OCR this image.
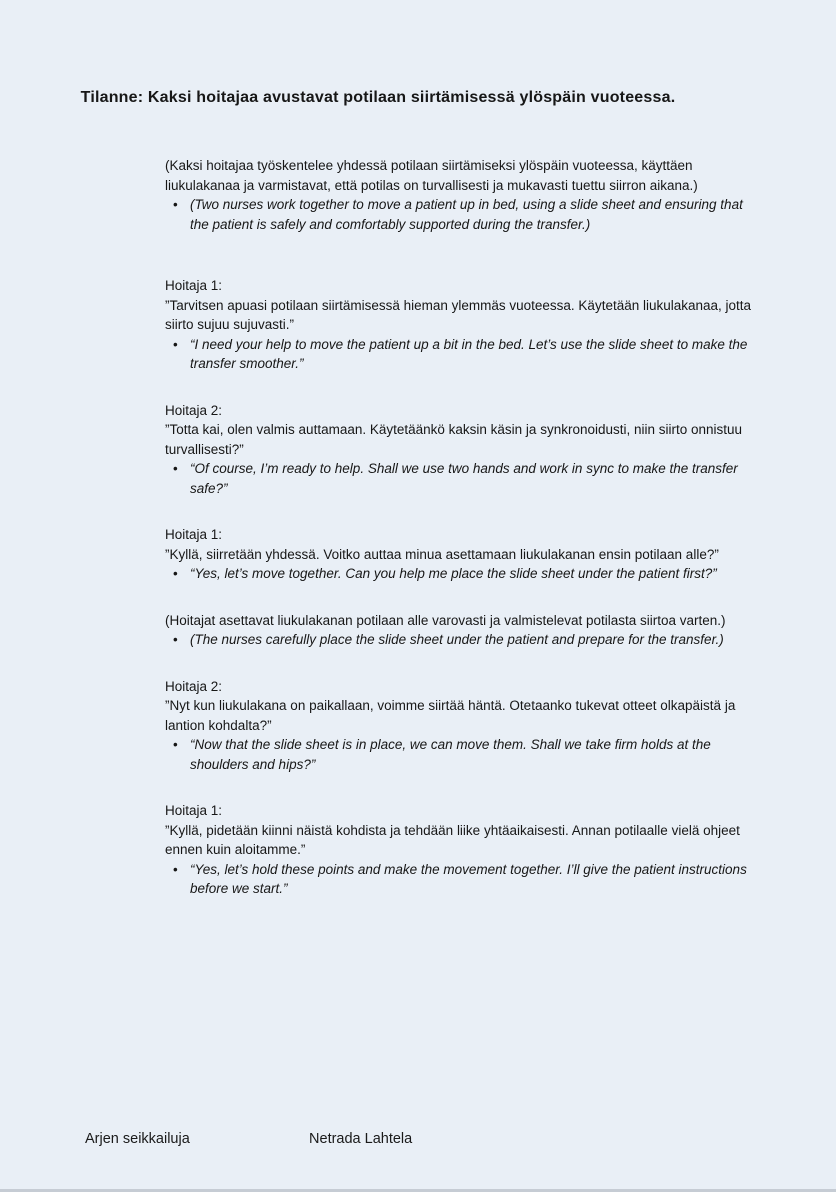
Tilanne: Kaksi hoitajaa avustavat potilaan siirtämisessä ylöspäin vuoteessa.

(Kaksi hoitajaa työskentelee yhdessä potilaan siirtämiseksi ylöspäin vuoteessa, käyttäen liukulakanaa ja varmistavat, että potilas on turvallisesti ja mukavasti tuettu siirron aikana.)

• (Two nurses work together to move a patient up in bed, using a slide sheet and ensuring that the patient is safely and comfortably supported during the transfer.)

Hoitaja 1:

”Tarvitsen apuasi potilaan siirtämisessä hieman ylemmäs vuoteessa. Käytetään liukulakanaa, jotta siirto sujuu sujuvasti.”

• “I need your help to move the patient up a bit in the bed. Let’s use the slide sheet to make the transfer smoother.”

Hoitaja 2:

”Totta kai, olen valmis auttamaan. Käytetäänkö kaksin käsin ja synkronoidusti, niin siirto onnistuu turvallisesti?”

• “Of course, I’m ready to help. Shall we use two hands and work in sync to make the transfer safe?”

Hoitaja 1:

”Kyllä, siirretään yhdessä. Voitko auttaa minua asettamaan liukulakanan ensin potilaan alle?”

• “Yes, let’s move together. Can you help me place the slide sheet under the patient first?”

(Hoitajat asettavat liukulakanan potilaan alle varovasti ja valmistelevat potilasta siirtoa varten.)

• (The nurses carefully place the slide sheet under the patient and prepare for the transfer.)

Hoitaja 2:

”Nyt kun liukulakana on paikallaan, voimme siirtää häntä. Otetaanko tukevat otteet olkapäistä ja lantion kohdalta?”

• “Now that the slide sheet is in place, we can move them. Shall we take firm holds at the shoulders and hips?”

Hoitaja 1:

”Kyllä, pidetään kiinni näistä kohdista ja tehdään liike yhtäaikaisesti. Annan potilaalle vielä ohjeet ennen kuin aloitamme.”

• “Yes, let’s hold these points and make the movement together. I’ll give the patient instructions before we start.”
Arjen seikkailuja	Netrada Lahtela
